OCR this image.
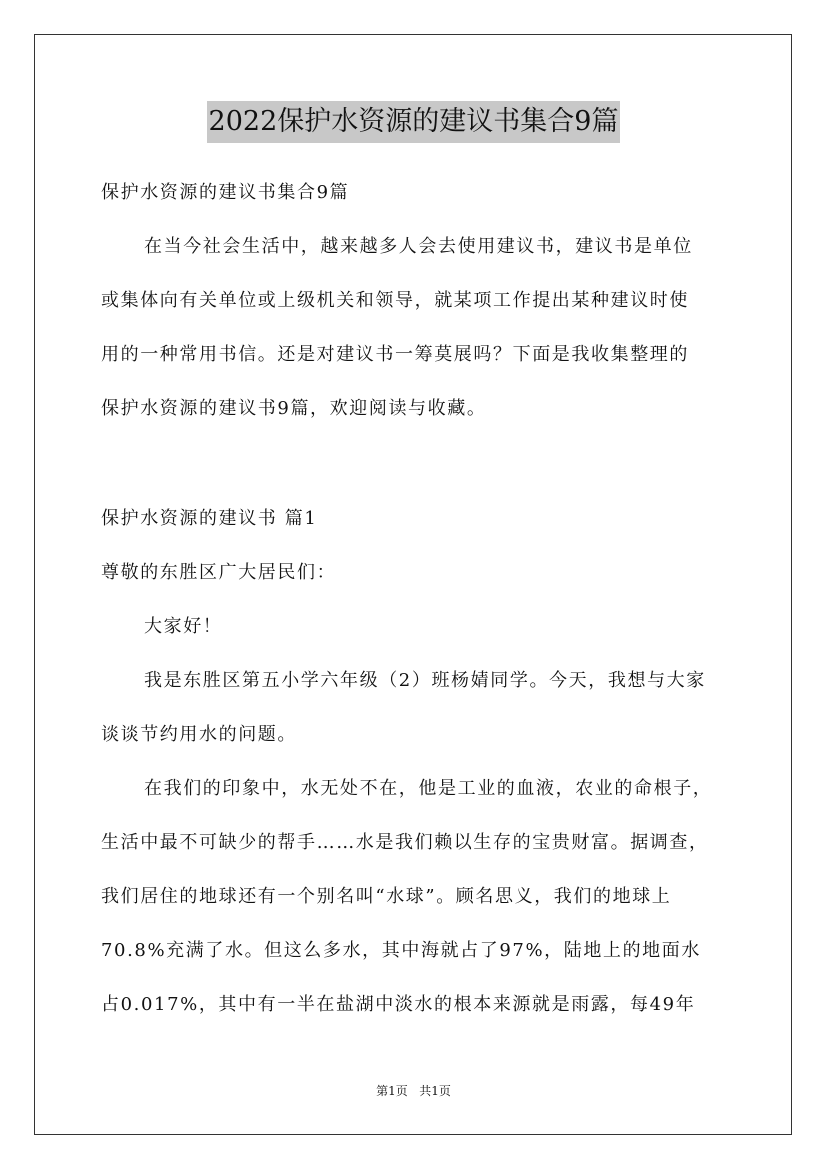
2022保护水资源的建议书集合9篇
保护水资源的建议书集合9篇
在当今社会生活中，越来越多人会去使用建议书，建议书是单位
或集体向有关单位或上级机关和领导，就某项工作提出某种建议时使
用的一种常用书信。还是对建议书一筹莫展吗？下面是我收集整理的
保护水资源的建议书9篇，欢迎阅读与收藏。
保护水资源的建议书 篇1
尊敬的东胜区广大居民们：
大家好！
我是东胜区第五小学六年级（2）班杨婧同学。今天，我想与大家
谈谈节约用水的问题。
在我们的印象中，水无处不在，他是工业的血液，农业的命根子，
生活中最不可缺少的帮手……水是我们赖以生存的宝贵财富。据调查，
我们居住的地球还有一个别名叫“水球”。顾名思义，我们的地球上
70.8%充满了水。但这么多水，其中海就占了97%，陆地上的地面水
占0.017%，其中有一半在盐湖中淡水的根本来源就是雨露，每49年
第1页 共1页
